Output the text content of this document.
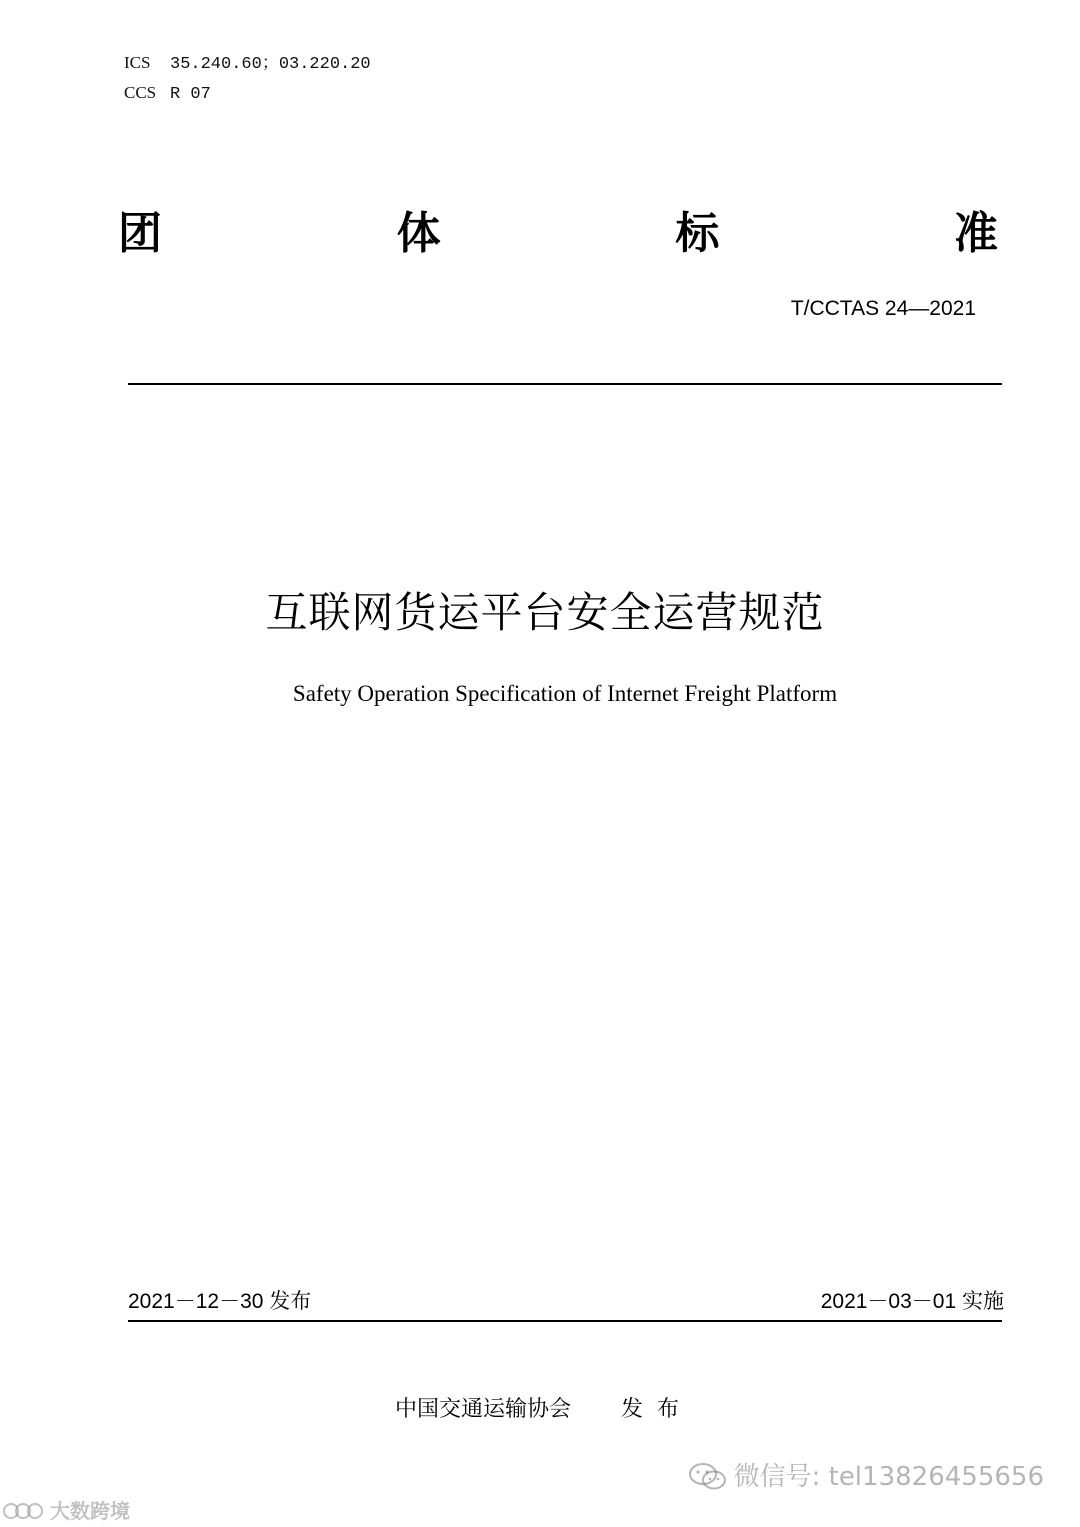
ICS 35.240.60；03.220.20
CCS R 07
团	体	标	准
T/CCTAS 24—2021
互联网货运平台安全运营规范
Safety Operation Specification of Internet Freight Platform
2021－12－30 发布	2021－03－01 实施
中国交通运输协会 发布
微信号: tel13826455656
大数跨境
